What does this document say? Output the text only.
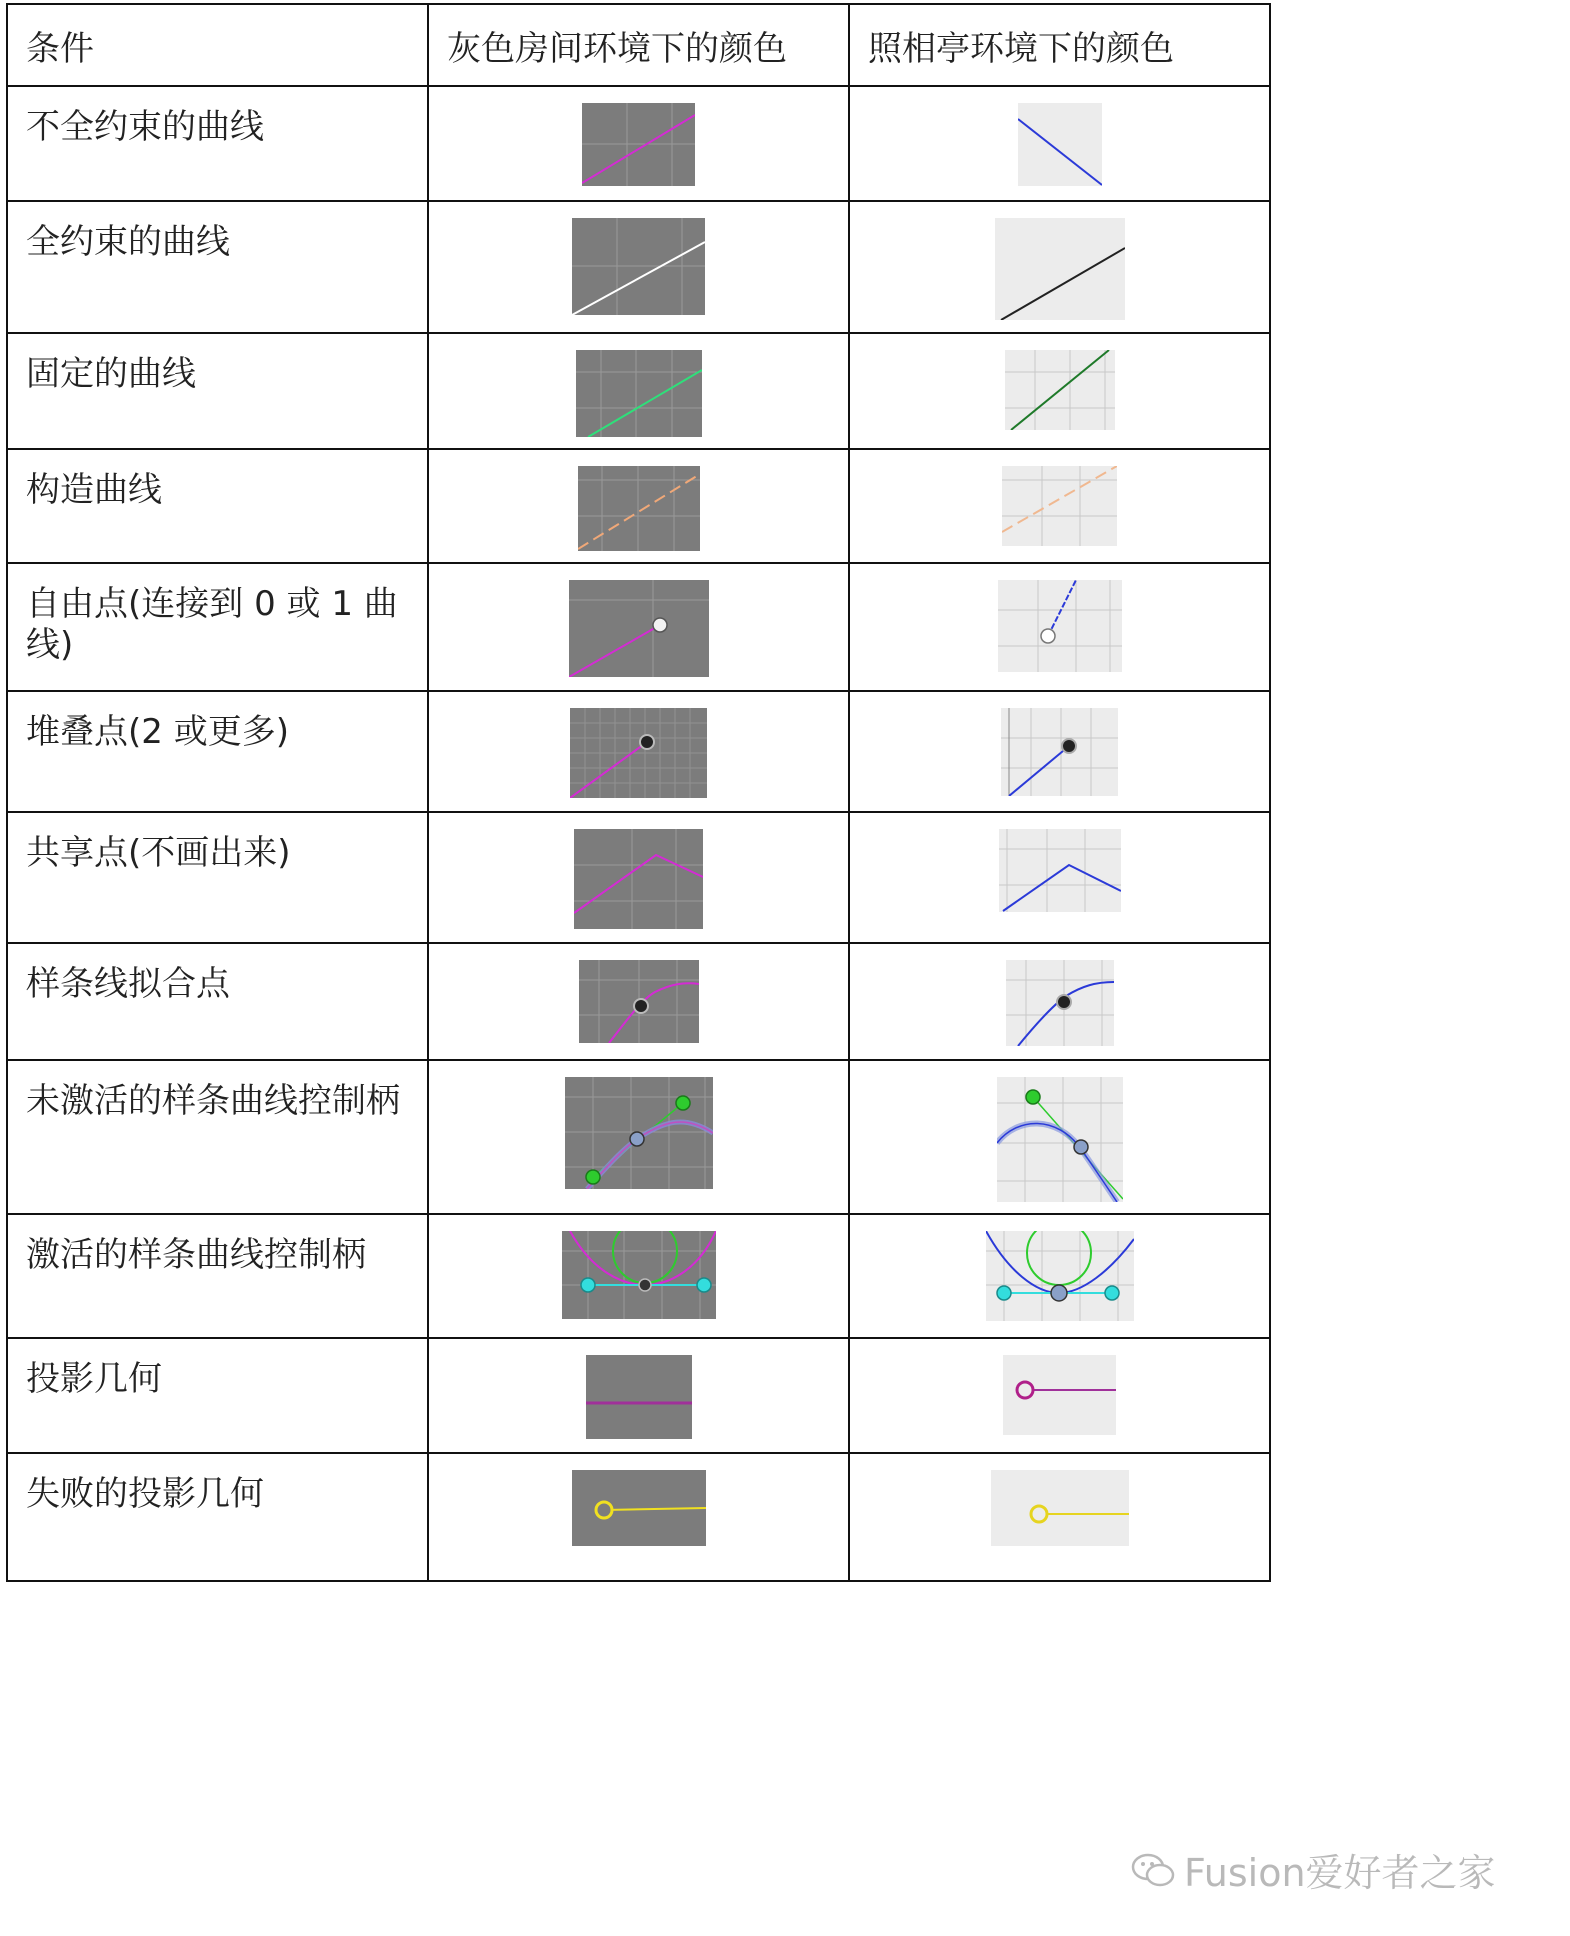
条件	灰色房间环境下的颜色	照相亭环境下的颜色
不全约束的曲线		
全约束的曲线		
固定的曲线		
构造曲线		
自由点(连接到 0 或 1 曲线)		
堆叠点(2 或更多)		
共享点(不画出来)		
样条线拟合点		
未激活的样条曲线控制柄		
激活的样条曲线控制柄		
投影几何		
失败的投影几何		
Fusion爱好者之家
